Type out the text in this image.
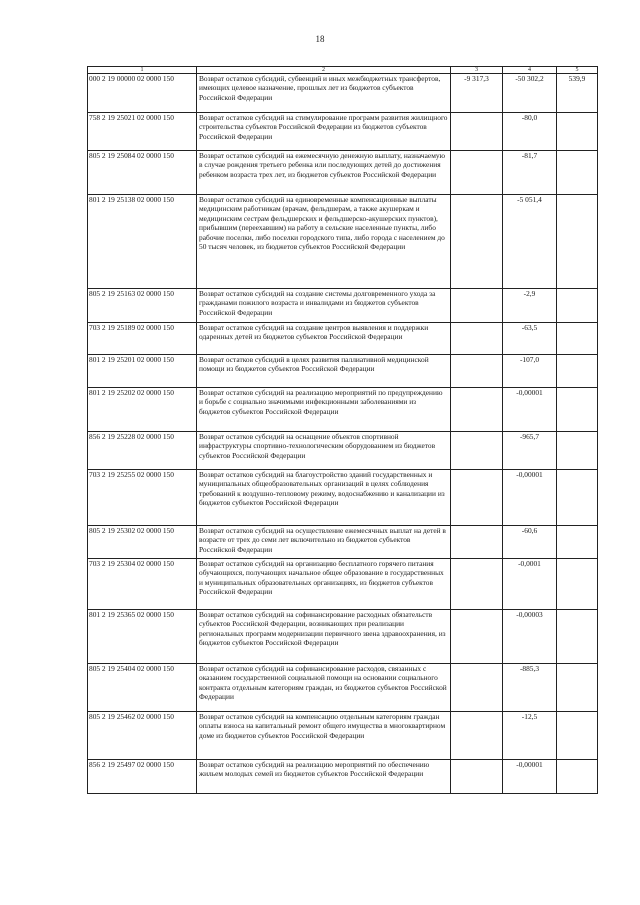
18
1	2	3	4	5
000 2 19 00000 02 0000 150	Возврат остатков субсидий, субвенций и иных межбюджетных трансфертов, имеющих целевое назначение, прошлых лет из бюджетов субъектов Российской Федерации	-9 317,3	-50 302,2	539,9
758 2 19 25021 02 0000 150	Возврат остатков субсидий на стимулирование программ развития жилищного строительства субъектов Российской Федерации из бюджетов субъектов Российской Федерации		-80,0	
805 2 19 25084 02 0000 150	Возврат остатков субсидий на ежемесячную денежную выплату, назначаемую в случае рождения третьего ребенка или последующих детей до достижения ребенком возраста трех лет, из бюджетов субъектов Российской Федерации		-81,7	
801 2 19 25138 02 0000 150	Возврат остатков субсидий на единовременные компенсационные выплаты медицинским работникам (врачам, фельдшерам, а также акушеркам и медицинским сестрам фельдшерских и фельдшерско-акушерских пунктов), прибывшим (переехавшим) на работу в сельские населенные пункты, либо рабочие поселки, либо поселки городского типа, либо города с населением до 50 тысяч человек, из бюджетов субъектов Российской Федерации		-5 051,4	
805 2 19 25163 02 0000 150	Возврат остатков субсидий на создание системы долговременного ухода за гражданами пожилого возраста и инвалидами из бюджетов субъектов Российской Федерации		-2,9	
703 2 19 25189 02 0000 150	Возврат остатков субсидий на создание центров выявления и поддержки одаренных детей из бюджетов субъектов Российской Федерации		-63,5	
801 2 19 25201 02 0000 150	Возврат остатков субсидий в целях развития паллиативной медицинской помощи из бюджетов субъектов Российской Федерации		-107,0	
801 2 19 25202 02 0000 150	Возврат остатков субсидий на реализацию мероприятий по предупреждению и борьбе с социально значимыми инфекционными заболеваниями из бюджетов субъектов Российской Федерации		-0,00001	
856 2 19 25228 02 0000 150	Возврат остатков субсидий на оснащение объектов спортивной инфраструктуры спортивно-технологическим оборудованием из бюджетов субъектов Российской Федерации		-965,7	
703 2 19 25255 02 0000 150	Возврат остатков субсидий на благоустройство зданий государственных и муниципальных общеобразовательных организаций в целях соблюдения требований к воздушно-тепловому режиму, водоснабжению и канализации из бюджетов субъектов Российской Федерации		-0,00001	
805 2 19 25302 02 0000 150	Возврат остатков субсидий на осуществление ежемесячных выплат на детей в возрасте от трех до семи лет включительно из бюджетов субъектов Российской Федерации		-60,6	
703 2 19 25304 02 0000 150	Возврат остатков субсидий на организацию бесплатного горячего питания обучающихся, получающих начальное общее образование в государственных и муниципальных образовательных организациях, из бюджетов субъектов Российской Федерации		-0,0001	
801 2 19 25365 02 0000 150	Возврат остатков субсидий на софинансирование расходных обязательств субъектов Российской Федерации, возникающих при реализации региональных программ модернизации первичного звена здравоохранения, из бюджетов субъектов Российской Федерации		-0,00003	
805 2 19 25404 02 0000 150	Возврат остатков субсидий на софинансирование расходов, связанных с оказанием государственной социальной помощи на основании социального контракта отдельным категориям граждан, из бюджетов субъектов Российской Федерации		-885,3	
805 2 19 25462 02 0000 150	Возврат остатков субсидий на компенсацию отдельным категориям граждан оплаты взноса на капитальный ремонт общего имущества в многоквартирном доме из бюджетов субъектов Российской Федерации		-12,5	
856 2 19 25497 02 0000 150	Возврат остатков субсидий на реализацию мероприятий по обеспечению жильем молодых семей из бюджетов субъектов Российской Федерации		-0,00001	
